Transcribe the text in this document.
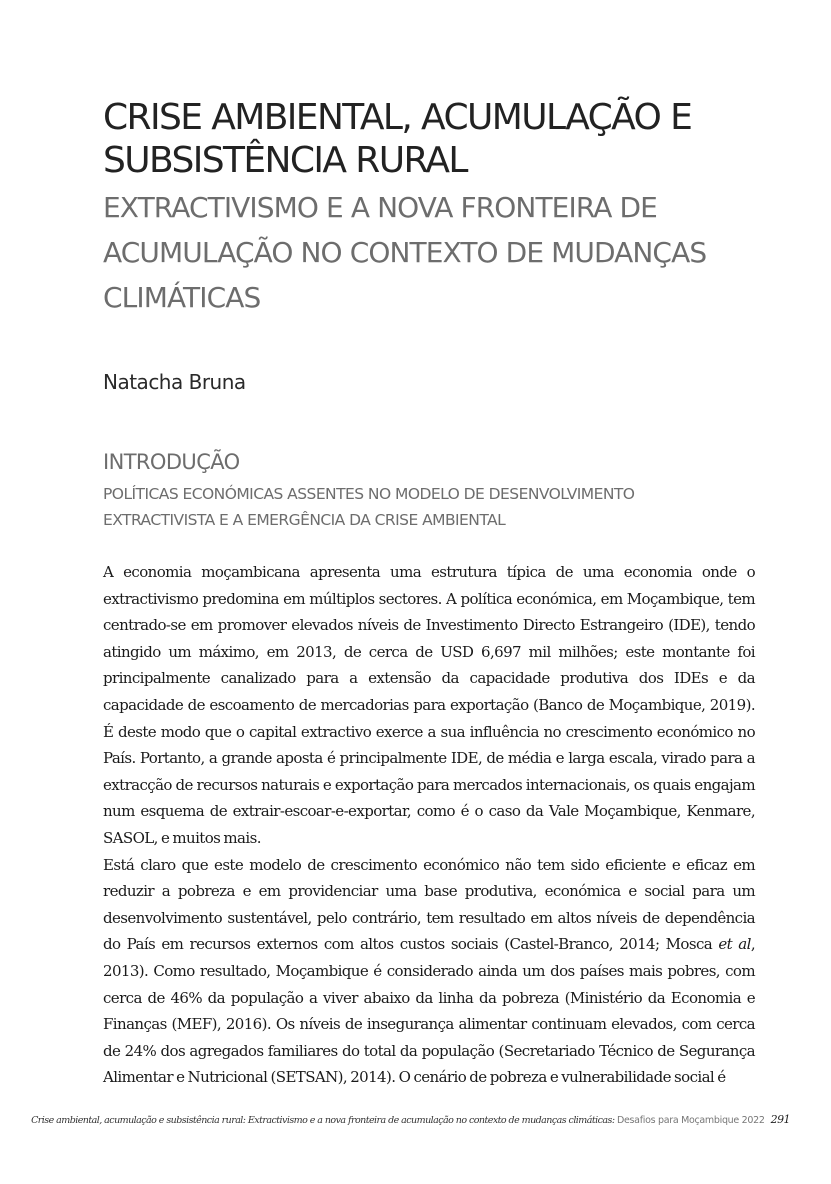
CRISE AMBIENTAL, ACUMULAÇÃO E SUBSISTÊNCIA RURAL
EXTRACTIVISMO E A NOVA FRONTEIRA DE ACUMULAÇÃO NO CONTEXTO DE MUDANÇAS CLIMÁTICAS
Natacha Bruna
INTRODUÇÃO
POLÍTICAS ECONÓMICAS ASSENTES NO MODELO DE DESENVOLVIMENTO EXTRACTIVISTA E A EMERGÊNCIA DA CRISE AMBIENTAL

A economia moçambicana apresenta uma estrutura típica de uma economia onde o extractivismo predomina em múltiplos sectores. A política económica, em Moçambique, tem centrado-se em promover elevados níveis de Investimento Directo Estrangeiro (IDE), tendo atingido um máximo, em 2013, de cerca de USD 6,697 mil milhões; este montante foi principalmente canalizado para a extensão da capacidade produtiva dos IDEs e da capacidade de escoamento de mercadorias para exportação (Banco de Moçambique, 2019). É deste modo que o capital extractivo exerce a sua influência no crescimento económico no País. Portanto, a grande aposta é principalmente IDE, de média e larga escala, virado para a extracção de recursos naturais e exportação para mercados internacionais, os quais engajam num esquema de extrair-escoar-e-exportar, como é o caso da Vale Moçambique, Kenmare, SASOL, e muitos mais.

Está claro que este modelo de crescimento económico não tem sido eficiente e eficaz em reduzir a pobreza e em providenciar uma base produtiva, económica e social para um desenvolvimento sustentável, pelo contrário, tem resultado em altos níveis de dependência do País em recursos externos com altos custos sociais (Castel-Branco, 2014; Mosca et al, 2013). Como resultado, Moçambique é considerado ainda um dos países mais pobres, com cerca de 46% da população a viver abaixo da linha da pobreza (Ministério da Economia e Finanças (MEF), 2016). Os níveis de insegurança alimentar continuam elevados, com cerca de 24% dos agregados familiares do total da população (Secretariado Técnico de Segurança Alimentar e Nutricional (SETSAN), 2014). O cenário de pobreza e vulnerabilidade social é

Crise ambiental, acumulação e subsistência rural: Extractivismo e a nova fronteira de acumulação no contexto de mudanças climáticas: Desafios para Moçambique 2022 291
